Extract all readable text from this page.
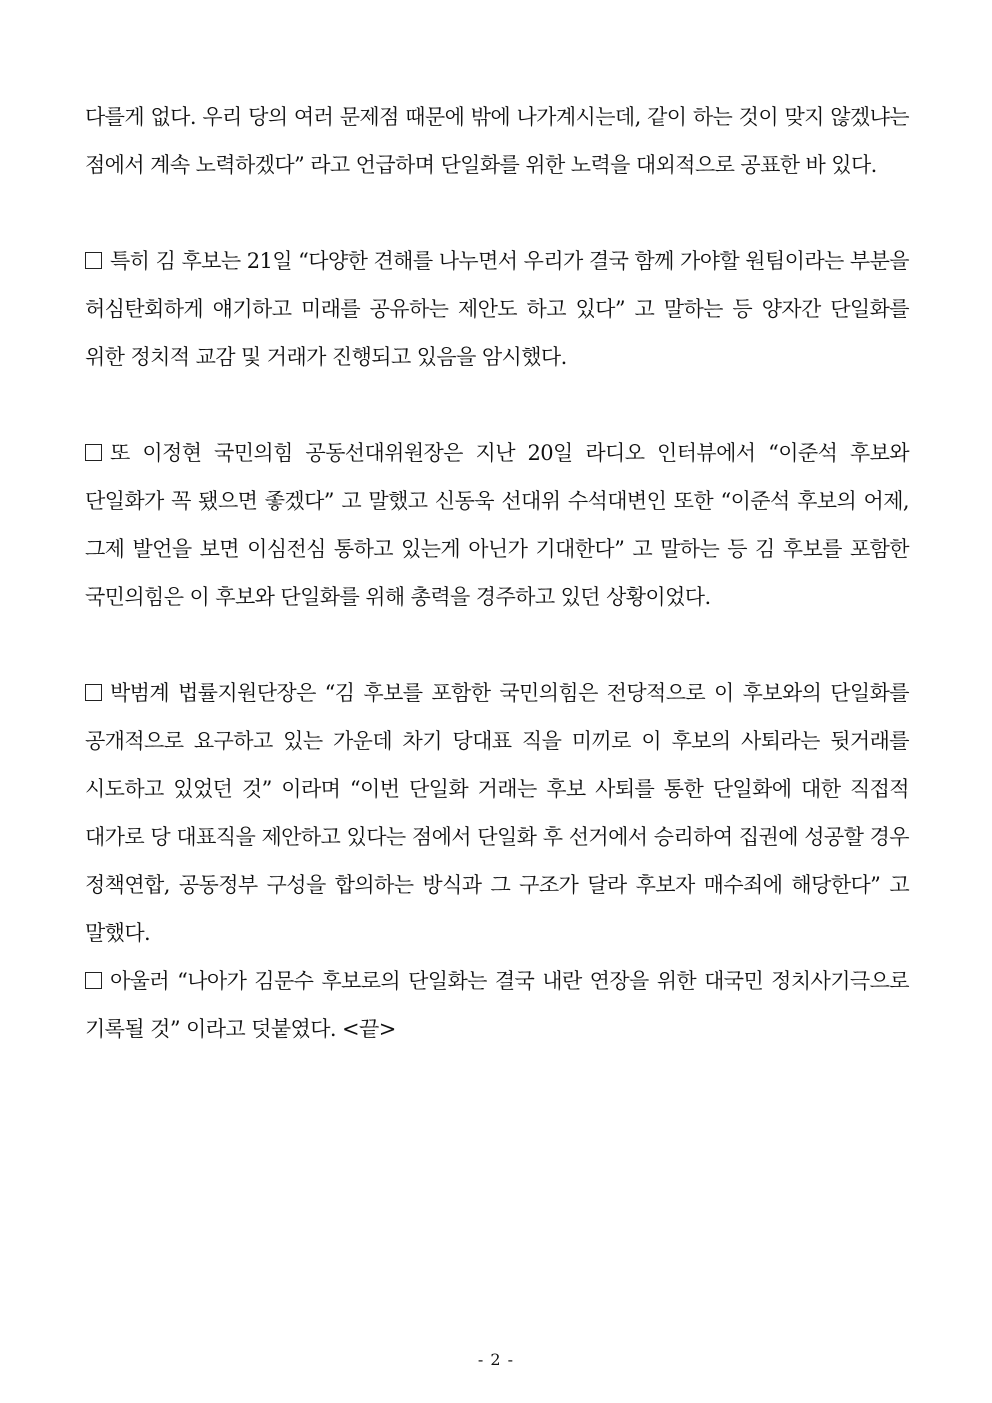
다를게 없다. 우리 당의 여러 문제점 때문에 밖에 나가계시는데, 같이 하는 것이 맞지 않겠냐는 점에서 계속 노력하겠다” 라고 언급하며 단일화를 위한 노력을 대외적으로 공표한 바 있다.

특히 김 후보는 21일 “다양한 견해를 나누면서 우리가 결국 함께 가야할 원팀이라는 부분을 허심탄회하게 얘기하고 미래를 공유하는 제안도 하고 있다” 고 말하는 등 양자간 단일화를 위한 정치적 교감 및 거래가 진행되고 있음을 암시했다.

또 이정현 국민의힘 공동선대위원장은 지난 20일 라디오 인터뷰에서 “이준석 후보와 단일화가 꼭 됐으면 좋겠다” 고 말했고 신동욱 선대위 수석대변인 또한 “이준석 후보의 어제, 그제 발언을 보면 이심전심 통하고 있는게 아닌가 기대한다” 고 말하는 등 김 후보를 포함한 국민의힘은 이 후보와 단일화를 위해 총력을 경주하고 있던 상황이었다.

박범계 법률지원단장은 “김 후보를 포함한 국민의힘은 전당적으로 이 후보와의 단일화를 공개적으로 요구하고 있는 가운데 차기 당대표 직을 미끼로 이 후보의 사퇴라는 뒷거래를 시도하고 있었던 것” 이라며 “이번 단일화 거래는 후보 사퇴를 통한 단일화에 대한 직접적 대가로 당 대표직을 제안하고 있다는 점에서 단일화 후 선거에서 승리하여 집권에 성공할 경우 정책연합, 공동정부 구성을 합의하는 방식과 그 구조가 달라 후보자 매수죄에 해당한다” 고 말했다.

아울러 “나아가 김문수 후보로의 단일화는 결국 내란 연장을 위한 대국민 정치사기극으로 기록될 것” 이라고 덧붙였다. <끝>

- 2 -
